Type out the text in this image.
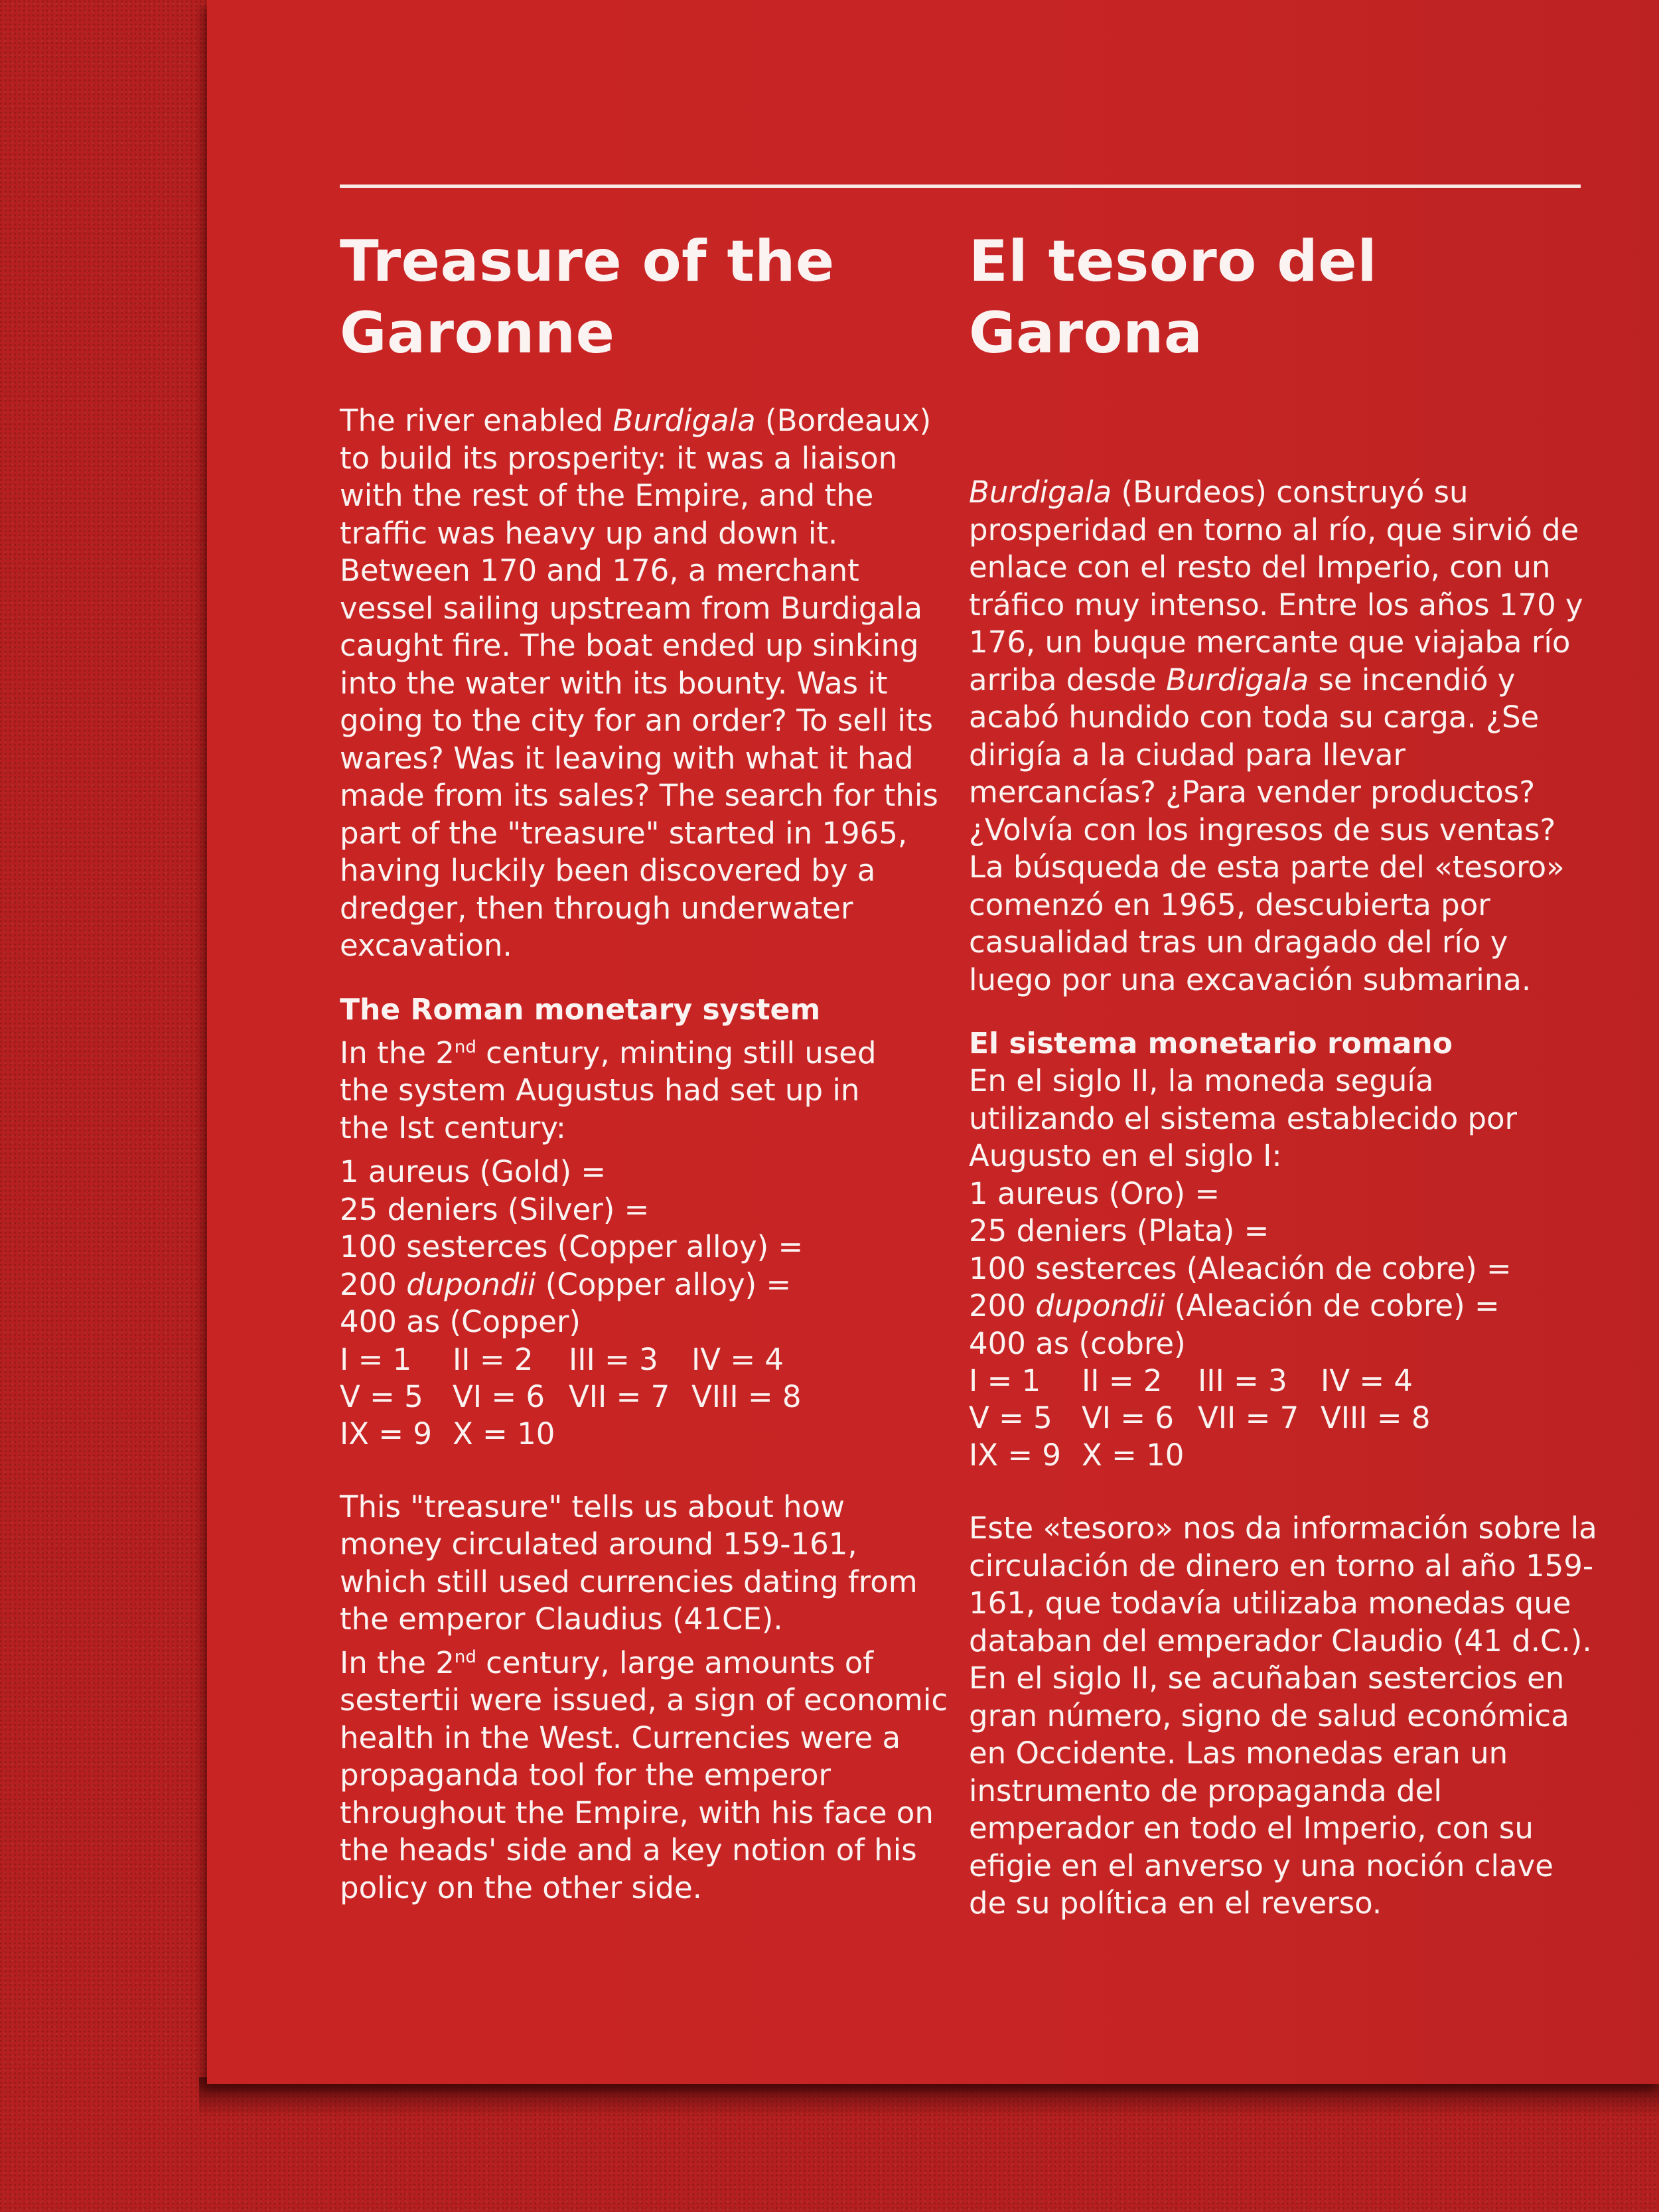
Treasure of the Garonne

The river enabled Burdigala (Bordeaux) to build its prosperity: it was a liaison with the rest of the Empire, and the traffic was heavy up and down it. Between 170 and 176, a merchant vessel sailing upstream from Burdigala caught fire. The boat ended up sinking into the water with its bounty. Was it going to the city for an order? To sell its wares? Was it leaving with what it had made from its sales? The search for this part of the "treasure" started in 1965, having luckily been discovered by a dredger, then through underwater excavation.

The Roman monetary system

In the 2nd century, minting still used the system Augustus had set up in the Ist century:

1 aureus (Gold) =

25 deniers (Silver) =

100 sesterces (Copper alloy) =

200 dupondii (Copper alloy) =

400 as (Copper)

I = 1	II = 2	III = 3	IV = 4
V = 5 VI = 6 VII = 7 VIII = 8
IX = 9 X = 10

This "treasure" tells us about how money circulated around 159-161, which still used currencies dating from the emperor Claudius (41CE).

In the 2nd century, large amounts of sestertii were issued, a sign of economic health in the West. Currencies were a propaganda tool for the emperor throughout the Empire, with his face on the heads' side and a key notion of his policy on the other side.

El tesoro del Garona

Burdigala (Burdeos) construyó su prosperidad en torno al río, que sirvió de enlace con el resto del Imperio, con un tráfico muy intenso. Entre los años 170 y 176, un buque mercante que viajaba río arriba desde Burdigala se incendió y acabó hundido con toda su carga. ¿Se dirigía a la ciudad para llevar mercancías? ¿Para vender productos? ¿Volvía con los ingresos de sus ventas? La búsqueda de esta parte del «tesoro» comenzó en 1965, descubierta por casualidad tras un dragado del río y luego por una excavación submarina.

El sistema monetario romano

En el siglo II, la moneda seguía utilizando el sistema establecido por Augusto en el siglo I:

1 aureus (Oro) =

25 deniers (Plata) =

100 sesterces (Aleación de cobre) =

200 dupondii (Aleación de cobre) =

400 as (cobre)

I = 1	II = 2	III = 3	IV = 4
V = 5 VI = 6 VII = 7 VIII = 8
IX = 9 X = 10

Este «tesoro» nos da información sobre la circulación de dinero en torno al año 159-161, que todavía utilizaba monedas que databan del emperador Claudio (41 d.C.).

En el siglo II, se acuñaban sestercios en gran número, signo de salud económica en Occidente. Las monedas eran un instrumento de propaganda del emperador en todo el Imperio, con su efigie en el anverso y una noción clave de su política en el reverso.
